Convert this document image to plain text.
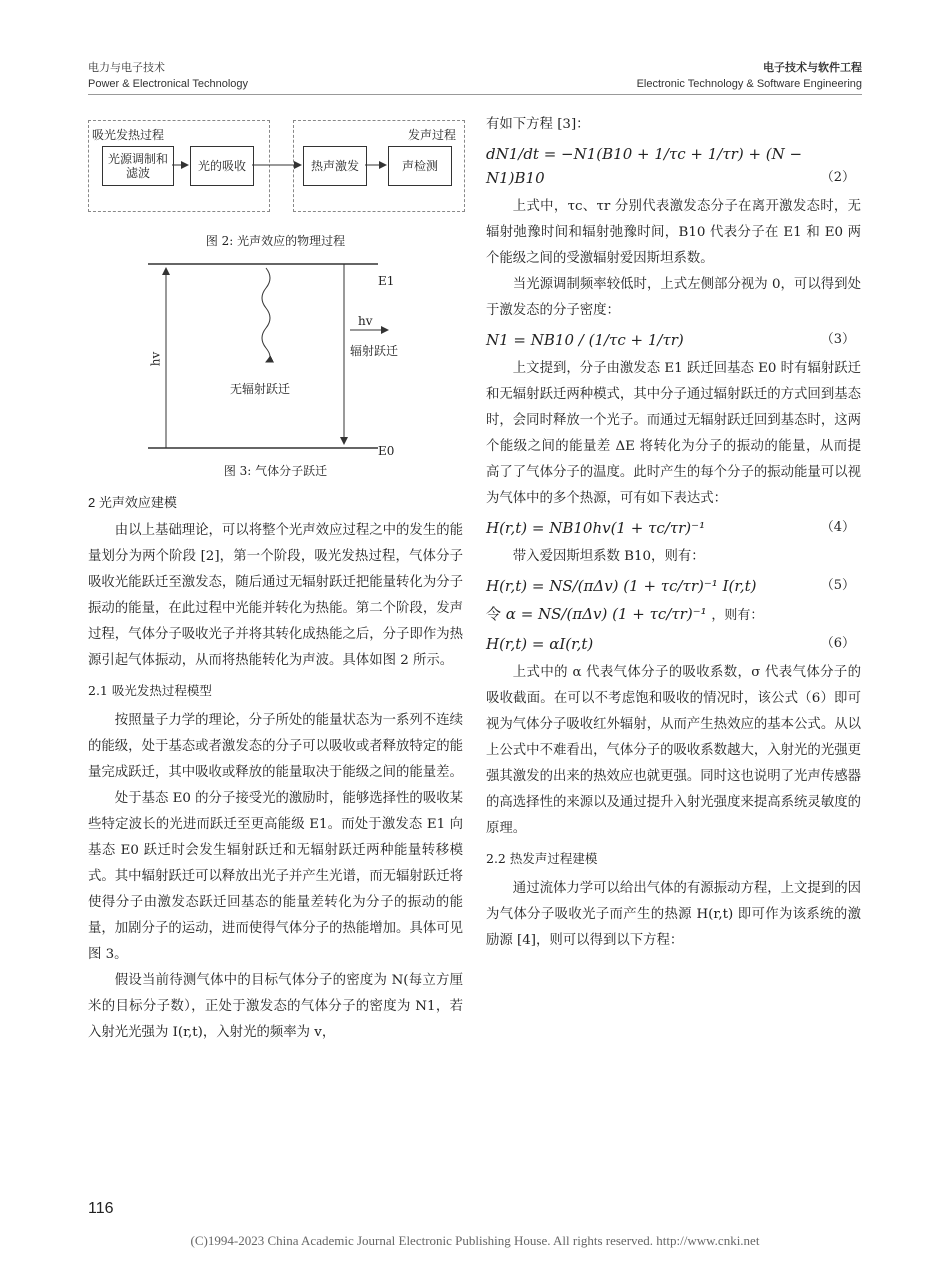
电力与电子技术
Power & Electronical Technology
电子技术与软件工程
Electronic Technology & Software Engineering
吸光发热过程	发声过程
光源调制和滤波	光的吸收	热声激发	声检测
图 2: 光声效应的物理过程
E1
E0
hv
hv
无辐射跃迁
辐射跃迁
图 3: 气体分子跃迁
2 光声效应建模

由以上基础理论，可以将整个光声效应过程之中的发生的能量划分为两个阶段 [2]，第一个阶段，吸光发热过程，气体分子吸收光能跃迁至激发态，随后通过无辐射跃迁把能量转化为分子振动的能量，在此过程中光能并转化为热能。第二个阶段，发声过程，气体分子吸收光子并将其转化成热能之后，分子即作为热源引起气体振动，从而将热能转化为声波。具体如图 2 所示。

2.1 吸光发热过程模型

按照量子力学的理论，分子所处的能量状态为一系列不连续的能级，处于基态或者激发态的分子可以吸收或者释放特定的能量完成跃迁，其中吸收或释放的能量取决于能级之间的能量差。

处于基态 E0 的分子接受光的激励时，能够选择性的吸收某些特定波长的光进而跃迁至更高能级 E1。而处于激发态 E1 向基态 E0 跃迁时会发生辐射跃迁和无辐射跃迁两种能量转移模式。其中辐射跃迁可以释放出光子并产生光谱，而无辐射跃迁将使得分子由激发态跃迁回基态的能量差转化为分子的振动的能量，加剧分子的运动，进而使得气体分子的热能增加。具体可见图 3。

假设当前待测气体中的目标气体分子的密度为 N(每立方厘米的目标分子数），正处于激发态的气体分子的密度为 N1，若入射光光强为 I(r,t)，入射光的频率为 v，

有如下方程 [3]：

dN1/dt = −N1(B10 + 1/τc + 1/τr) + (N − N1)B10	（2）

上式中，τc、τr 分别代表激发态分子在离开激发态时，无辐射弛豫时间和辐射弛豫时间，B10 代表分子在 E1 和 E0 两个能级之间的受激辐射爱因斯坦系数。

当光源调制频率较低时，上式左侧部分视为 0，可以得到处于激发态的分子密度：

N1 = NB10 / (1/τc + 1/τr)	（3）

上文提到，分子由激发态 E1 跃迁回基态 E0 时有辐射跃迁和无辐射跃迁两种模式，其中分子通过辐射跃迁的方式回到基态时，会同时释放一个光子。而通过无辐射跃迁回到基态时，这两个能级之间的能量差 ΔE 将转化为分子的振动的能量，从而提高了了气体分子的温度。此时产生的每个分子的振动能量可以视为气体中的多个热源，可有如下表达式：

H(r,t) = NB10hv(1 + τc/τr)⁻¹	（4）

带入爱因斯坦系数 B10，则有：

H(r,t) = NS/(πΔv) (1 + τc/τr)⁻¹ I(r,t)	（5）
令 α = NS/(πΔv) (1 + τc/τr)⁻¹ ，则有：
H(r,t) = αI(r,t)	（6）

上式中的 α 代表气体分子的吸收系数，σ 代表气体分子的吸收截面。在可以不考虑饱和吸收的情况时，该公式（6）即可视为气体分子吸收红外辐射，从而产生热效应的基本公式。从以上公式中不难看出，气体分子的吸收系数越大，入射光的光强更强其激发的出来的热效应也就更强。同时这也说明了光声传感器的高选择性的来源以及通过提升入射光强度来提高系统灵敏度的原理。

2.2 热发声过程建模

通过流体力学可以给出气体的有源振动方程，上文提到的因为气体分子吸收光子而产生的热源 H(r,t) 即可作为该系统的激励源 [4]，则可以得到以下方程：

116
(C)1994-2023 China Academic Journal Electronic Publishing House. All rights reserved. http://www.cnki.net
